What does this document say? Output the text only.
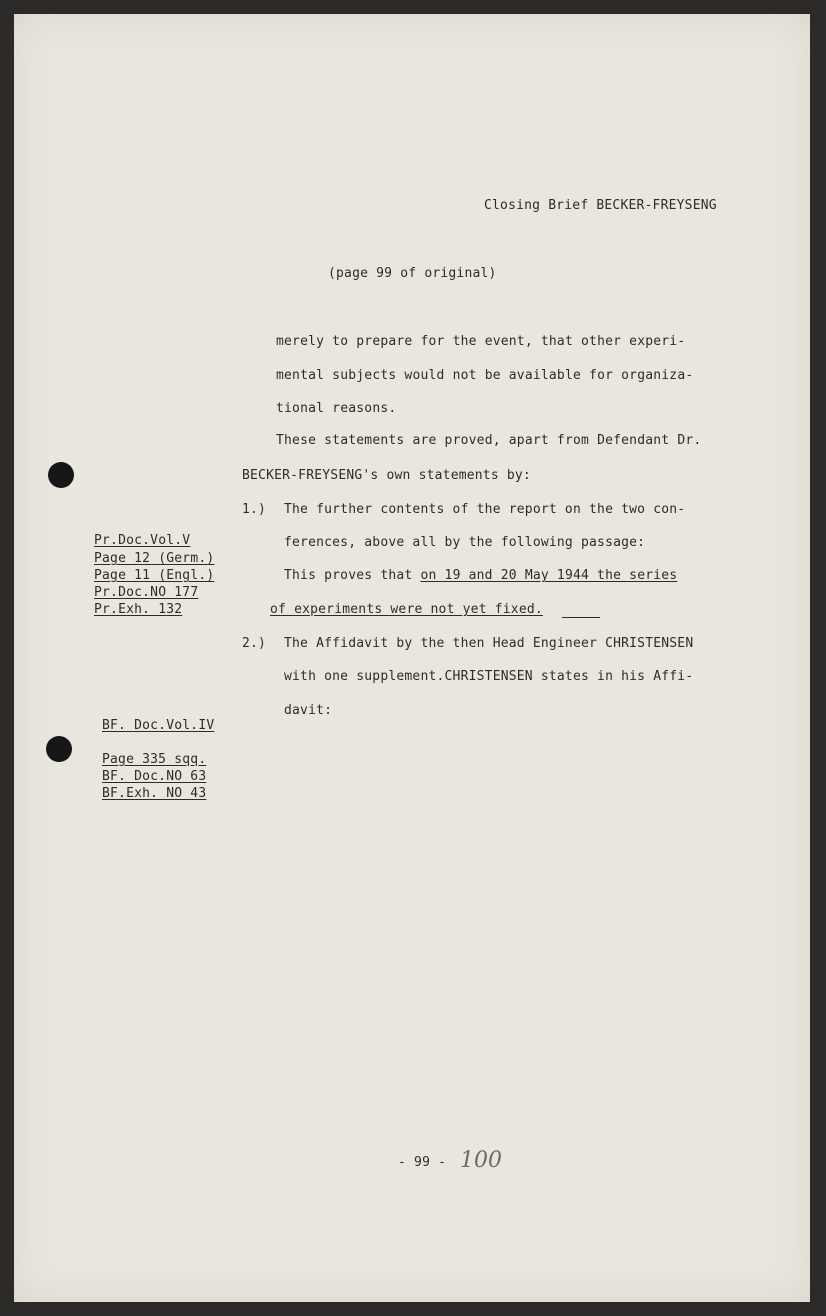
Closing Brief BECKER-FREYSENG
(page 99 of original)
merely to prepare for the event, that other experi-
mental subjects would not be available for organiza-
tional reasons.
These statements are proved, apart from Defendant Dr.
BECKER-FREYSENG's own statements by:
1.) The further contents of the report on the two con-
ferences, above all by the following passage:
This proves that on 19 and 20 May 1944 the series
of experiments were not yet fixed.
2.) The Affidavit by the then Head Engineer CHRISTENSEN
with one supplement.CHRISTENSEN states in his Affi-
davit:
Pr.Doc.Vol.V
Page 12 (Germ.)
Page 11 (Engl.)
Pr.Doc.NO 177
Pr.Exh. 132
BF. Doc.Vol.IV
Page 335 sqq.
BF. Doc.NO 63
BF.Exh. NO 43
- 99 - 100
